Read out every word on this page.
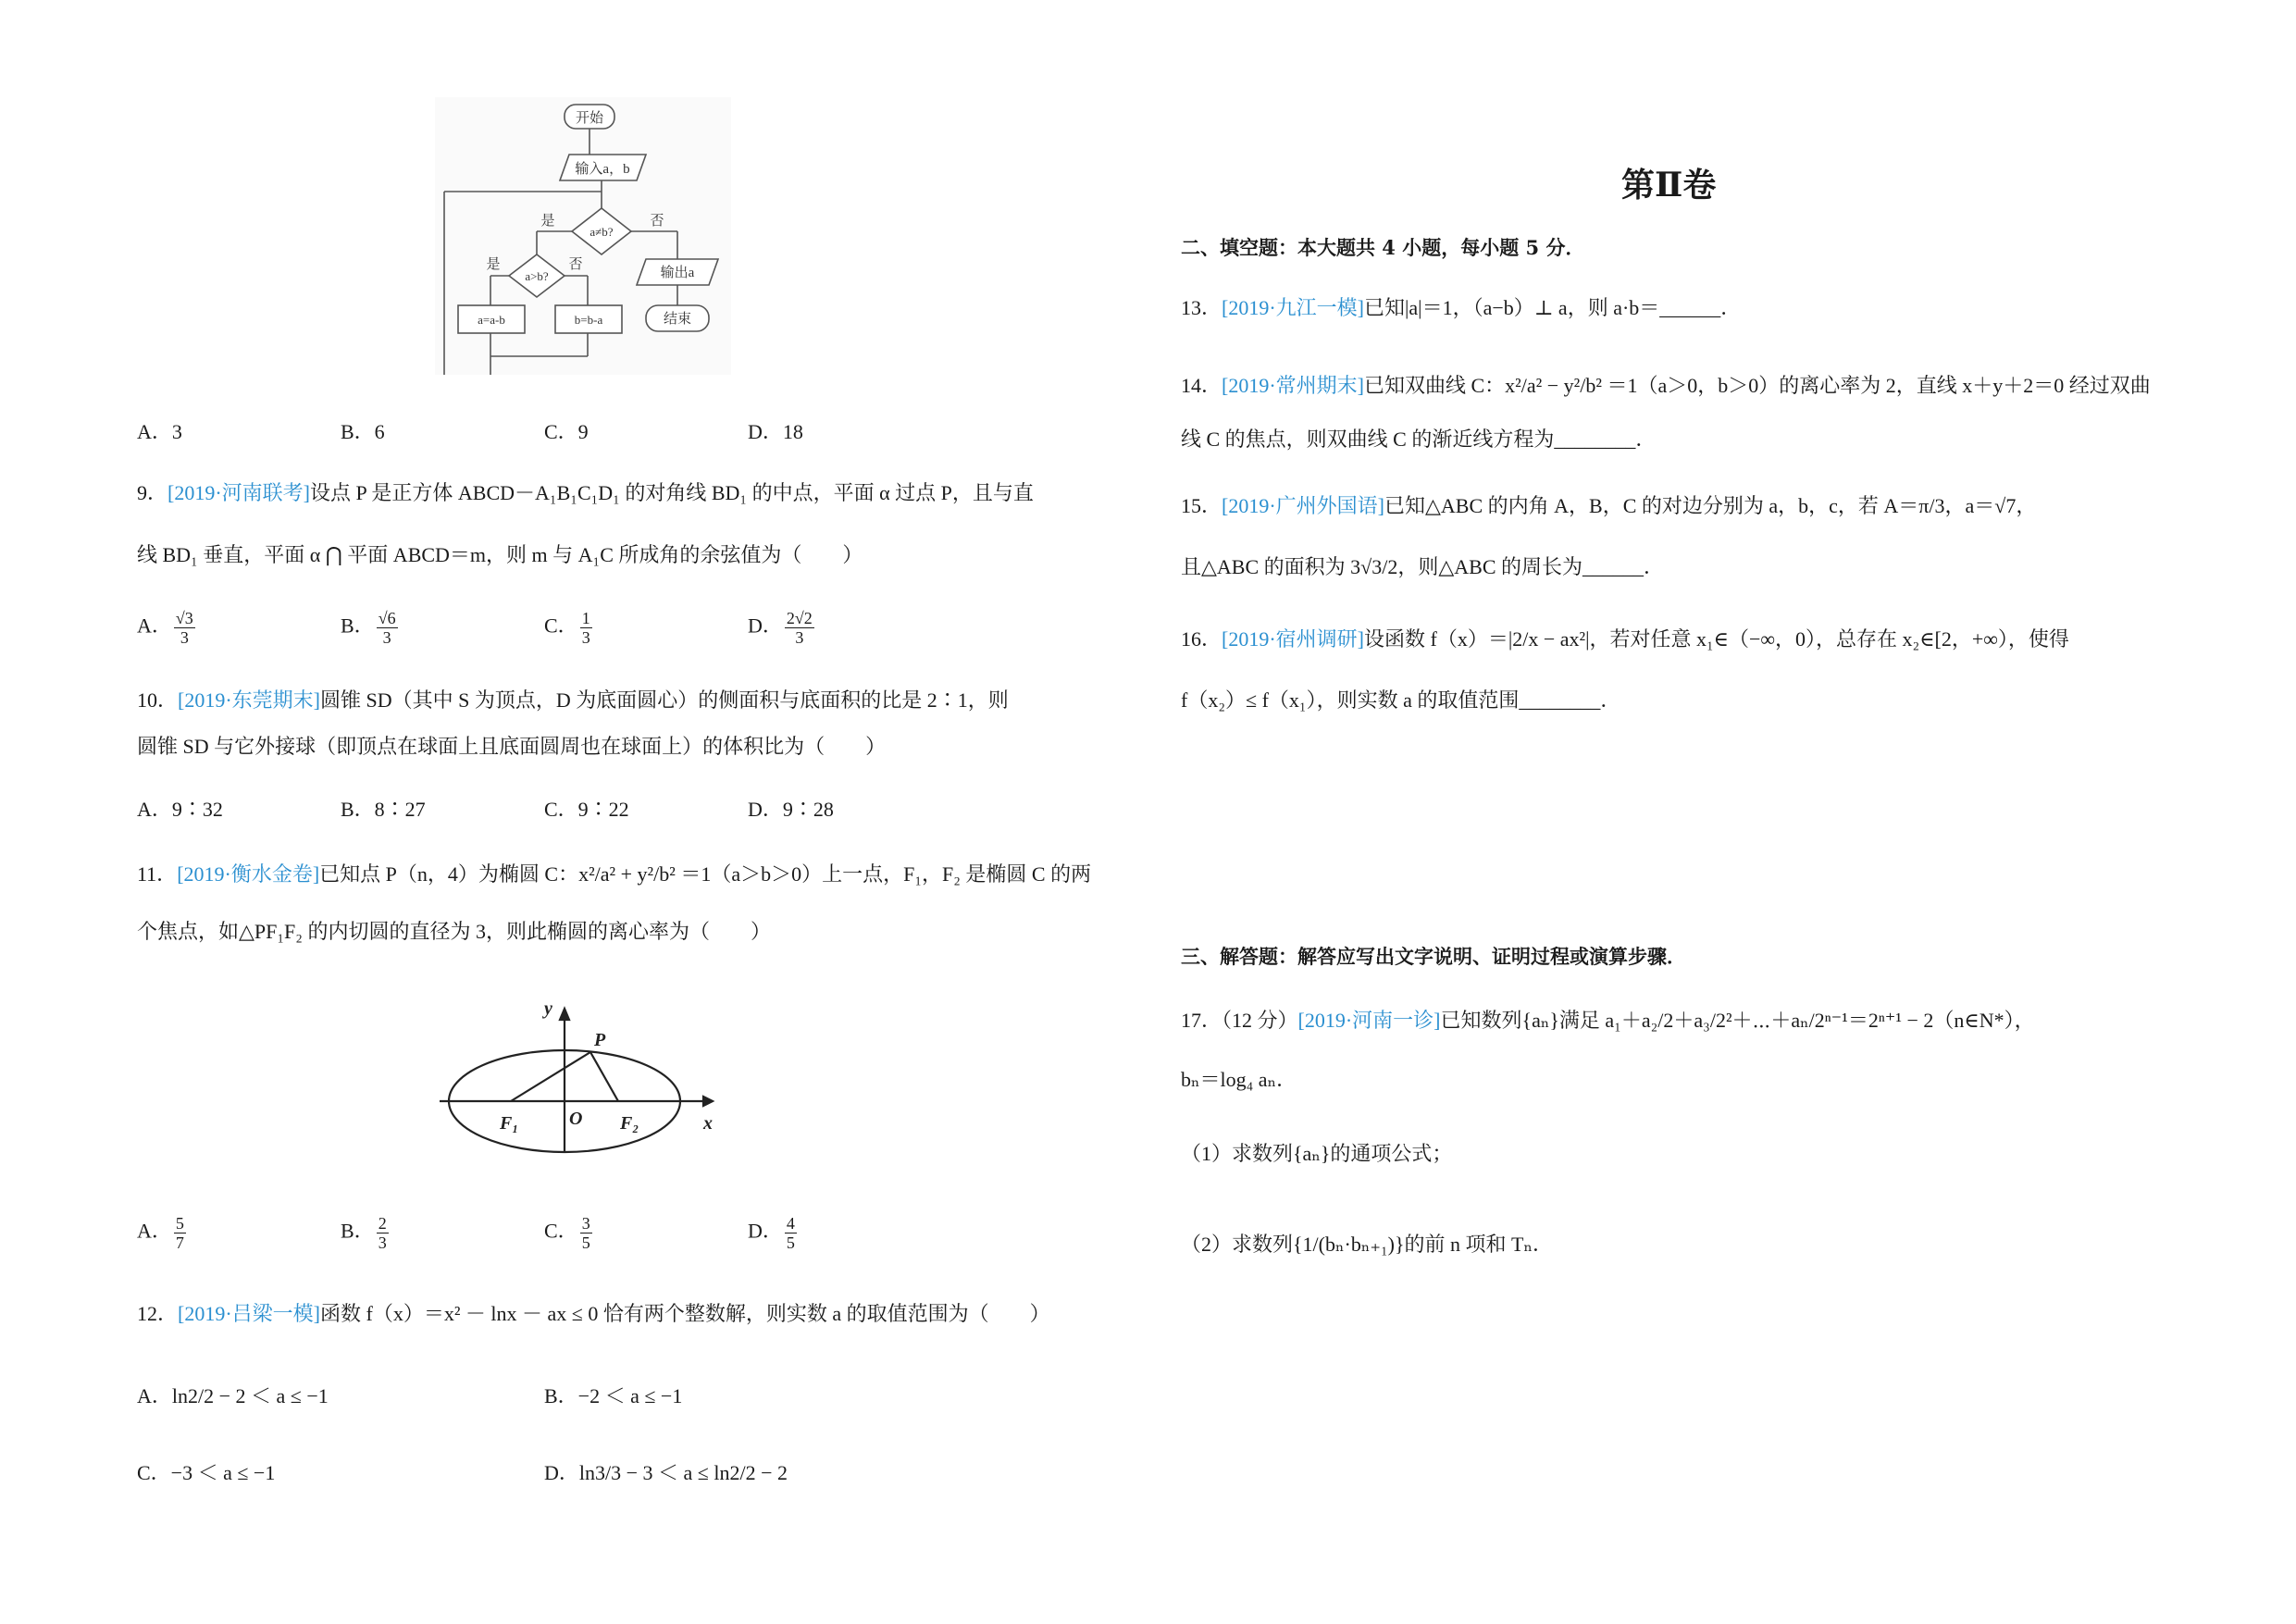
开始
输入a，b
a≠b?
是	否
a>b?
是	否
a=a-b	b=b-a
输出a
结束
A．3	B．6	C．9	D．18
9．[2019·河南联考]设点 P 是正方体 ABCD－A₁B₁C₁D₁ 的对角线 BD₁ 的中点，平面 α 过点 P，且与直
线 BD₁ 垂直，平面 α ⋂ 平面 ABCD＝m，则 m 与 A₁C 所成角的余弦值为（　　）
A． $\frac{√3}{3}$	B． $\frac{√6}{3}$	C． $\frac{1}{3}$	D． $\frac{2√2}{3}$
10．[2019·东莞期末]圆锥 SD（其中 S 为顶点，D 为底面圆心）的侧面积与底面积的比是 2∶1，则
圆锥 SD 与它外接球（即顶点在球面上且底面圆周也在球面上）的体积比为（　　）
A．9∶32	B．8∶27	C．9∶22	D．9∶28
11．[2019·衡水金卷]已知点 P（n，4）为椭圆 C：x²/a² + y²/b² ＝1（a＞b＞0）上一点，F₁，F₂ 是椭圆 C 的两
个焦点，如△PF₁F₂ 的内切圆的直径为 3，则此椭圆的离心率为（　　）
y
x
P
O
F₁	F₂
A． $\frac{5}{7}$	B． $\frac{2}{3}$	C． $\frac{3}{5}$	D． $\frac{4}{5}$
12．[2019·吕梁一模]函数 f（x）＝x² － lnx － ax ≤ 0 恰有两个整数解，则实数 a 的取值范围为（　　）
A．ln2/2 − 2 ＜ a ≤ −1	B．−2 ＜ a ≤ −1
C．−3 ＜ a ≤ −1	D．ln3/3 − 3 ＜ a ≤ ln2/2 − 2
第Ⅱ卷
二、填空题：本大题共 4 小题，每小题 5 分．
13．[2019·九江一模]已知|a|＝1，（a−b）⊥ a，则 a·b＝______．
14．[2019·常州期末]已知双曲线 C：x²/a² − y²/b² ＝1（a＞0，b＞0）的离心率为 2，直线 x＋y＋2＝0 经过双曲
线 C 的焦点，则双曲线 C 的渐近线方程为________．
15．[2019·广州外国语]已知△ABC 的内角 A，B，C 的对边分别为 a，b，c，若 A＝π/3，a＝√7，
且△ABC 的面积为 3√3/2，则△ABC 的周长为______．
16．[2019·宿州调研]设函数 f（x）＝|2/x − ax²|，若对任意 x₁∈（−∞，0），总存在 x₂∈[2，+∞），使得
f（x₂）≤ f（x₁），则实数 a 的取值范围________．
三、解答题：解答应写出文字说明、证明过程或演算步骤．
17．（12 分）[2019·河南一诊]已知数列{aₙ}满足 a₁＋a₂/2＋a₃/2²＋⋯＋aₙ/2ⁿ⁻¹＝2ⁿ⁺¹ − 2（n∈N*），
bₙ＝log₄ aₙ．
（1）求数列{aₙ}的通项公式；
（2）求数列{1/(bₙ·bₙ₊₁)}的前 n 项和 Tₙ．
